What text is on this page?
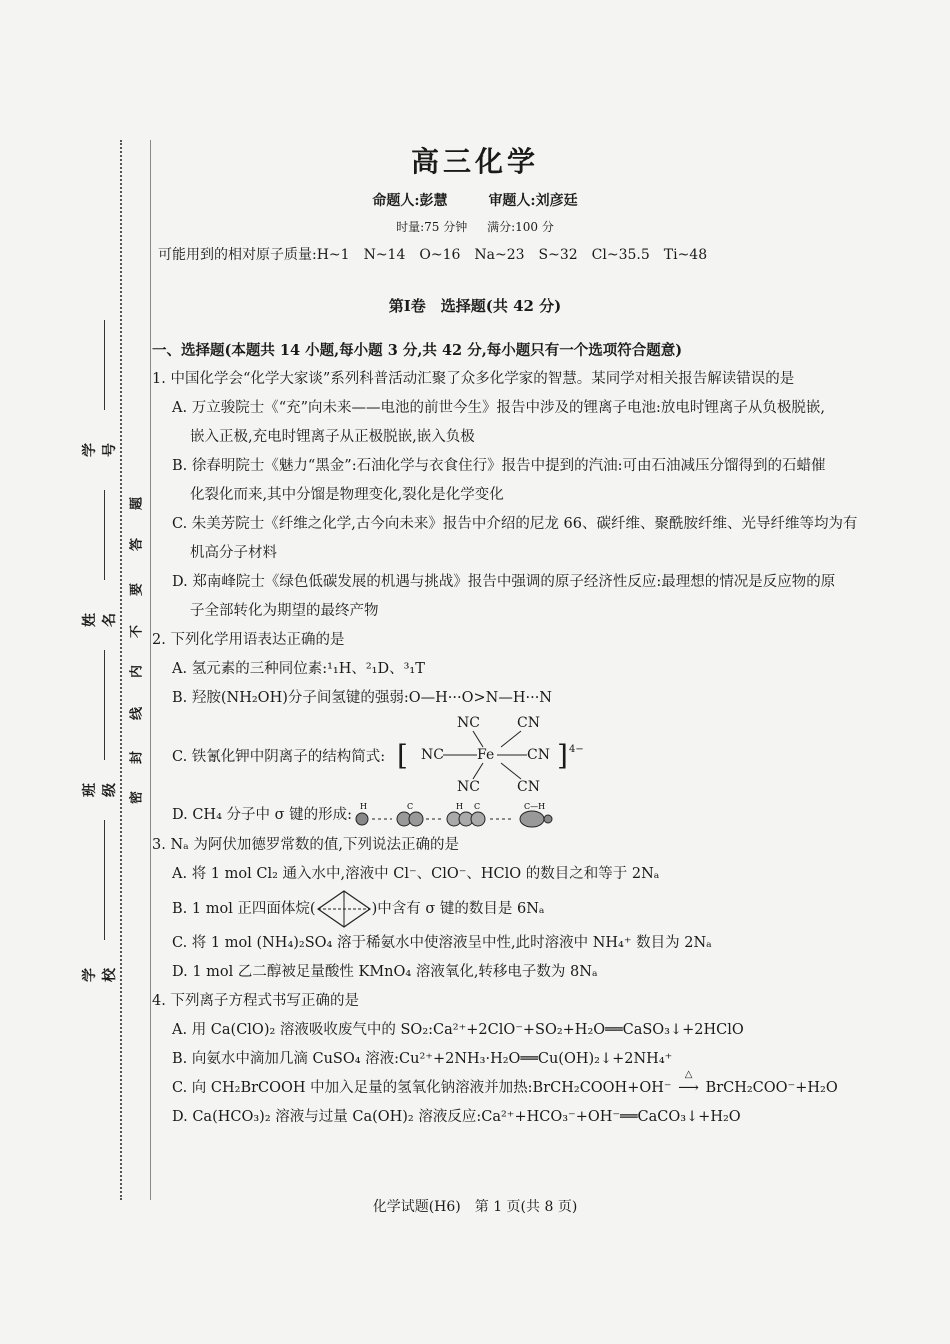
题
答
要
不
内
线
封
密
学号
姓名
班级
学校
高三化学
命题人:彭慧	审题人:刘彦廷
时量:75 分钟 满分:100 分
可能用到的相对原子质量:H~1　N~14　O~16　Na~23　S~32　Cl~35.5　Ti~48
第Ⅰ卷　选择题(共 42 分)
一、选择题(本题共 14 小题,每小题 3 分,共 42 分,每小题只有一个选项符合题意)
1. 中国化学会“化学大家谈”系列科普活动汇聚了众多化学家的智慧。某同学对相关报告解读错误的是
A. 万立骏院士《“充”向未来——电池的前世今生》报告中涉及的锂离子电池:放电时锂离子从负极脱嵌,
嵌入正极,充电时锂离子从正极脱嵌,嵌入负极
B. 徐春明院士《魅力“黑金”:石油化学与衣食住行》报告中提到的汽油:可由石油减压分馏得到的石蜡催
化裂化而来,其中分馏是物理变化,裂化是化学变化
C. 朱美芳院士《纤维之化学,古今向未来》报告中介绍的尼龙 66、碳纤维、聚酰胺纤维、光导纤维等均为有
机高分子材料
D. 郑南峰院士《绿色低碳发展的机遇与挑战》报告中强调的原子经济性反应:最理想的情况是反应物的原
子全部转化为期望的最终产物
2. 下列化学用语表达正确的是
A. 氢元素的三种同位素:¹₁H、²₁D、³₁T
B. 羟胺(NH₂OH)分子间氢键的强弱:O—H···O>N—H···N
C. 铁氰化钾中阴离子的结构简式: [
NC	CN
NC Fe CN
NC	CN
] 4−
D. CH₄ 分子中 σ 键的形成:
H	C	H C	C—H
3. Nₐ 为阿伏加德罗常数的值,下列说法正确的是
A. 将 1 mol Cl₂ 通入水中,溶液中 Cl⁻、ClO⁻、HClO 的数目之和等于 2Nₐ
B. 1 mol 正四面体烷(	)中含有 σ 键的数目是 6Nₐ
C. 将 1 mol (NH₄)₂SO₄ 溶于稀氨水中使溶液呈中性,此时溶液中 NH₄⁺ 数目为 2Nₐ
D. 1 mol 乙二醇被足量酸性 KMnO₄ 溶液氧化,转移电子数为 8Nₐ
4. 下列离子方程式书写正确的是
A. 用 Ca(ClO)₂ 溶液吸收废气中的 SO₂:Ca²⁺+2ClO⁻+SO₂+H₂O══CaSO₃↓+2HClO
B. 向氨水中滴加几滴 CuSO₄ 溶液:Cu²⁺+2NH₃·H₂O══Cu(OH)₂↓+2NH₄⁺
C. 向 CH₂BrCOOH 中加入足量的氢氧化钠溶液并加热:BrCH₂COOH+OH⁻
△
⟶ BrCH₂COO⁻+H₂O
D. Ca(HCO₃)₂ 溶液与过量 Ca(OH)₂ 溶液反应:Ca²⁺+HCO₃⁻+OH⁻══CaCO₃↓+H₂O
化学试题(H6)　第 1 页(共 8 页)
